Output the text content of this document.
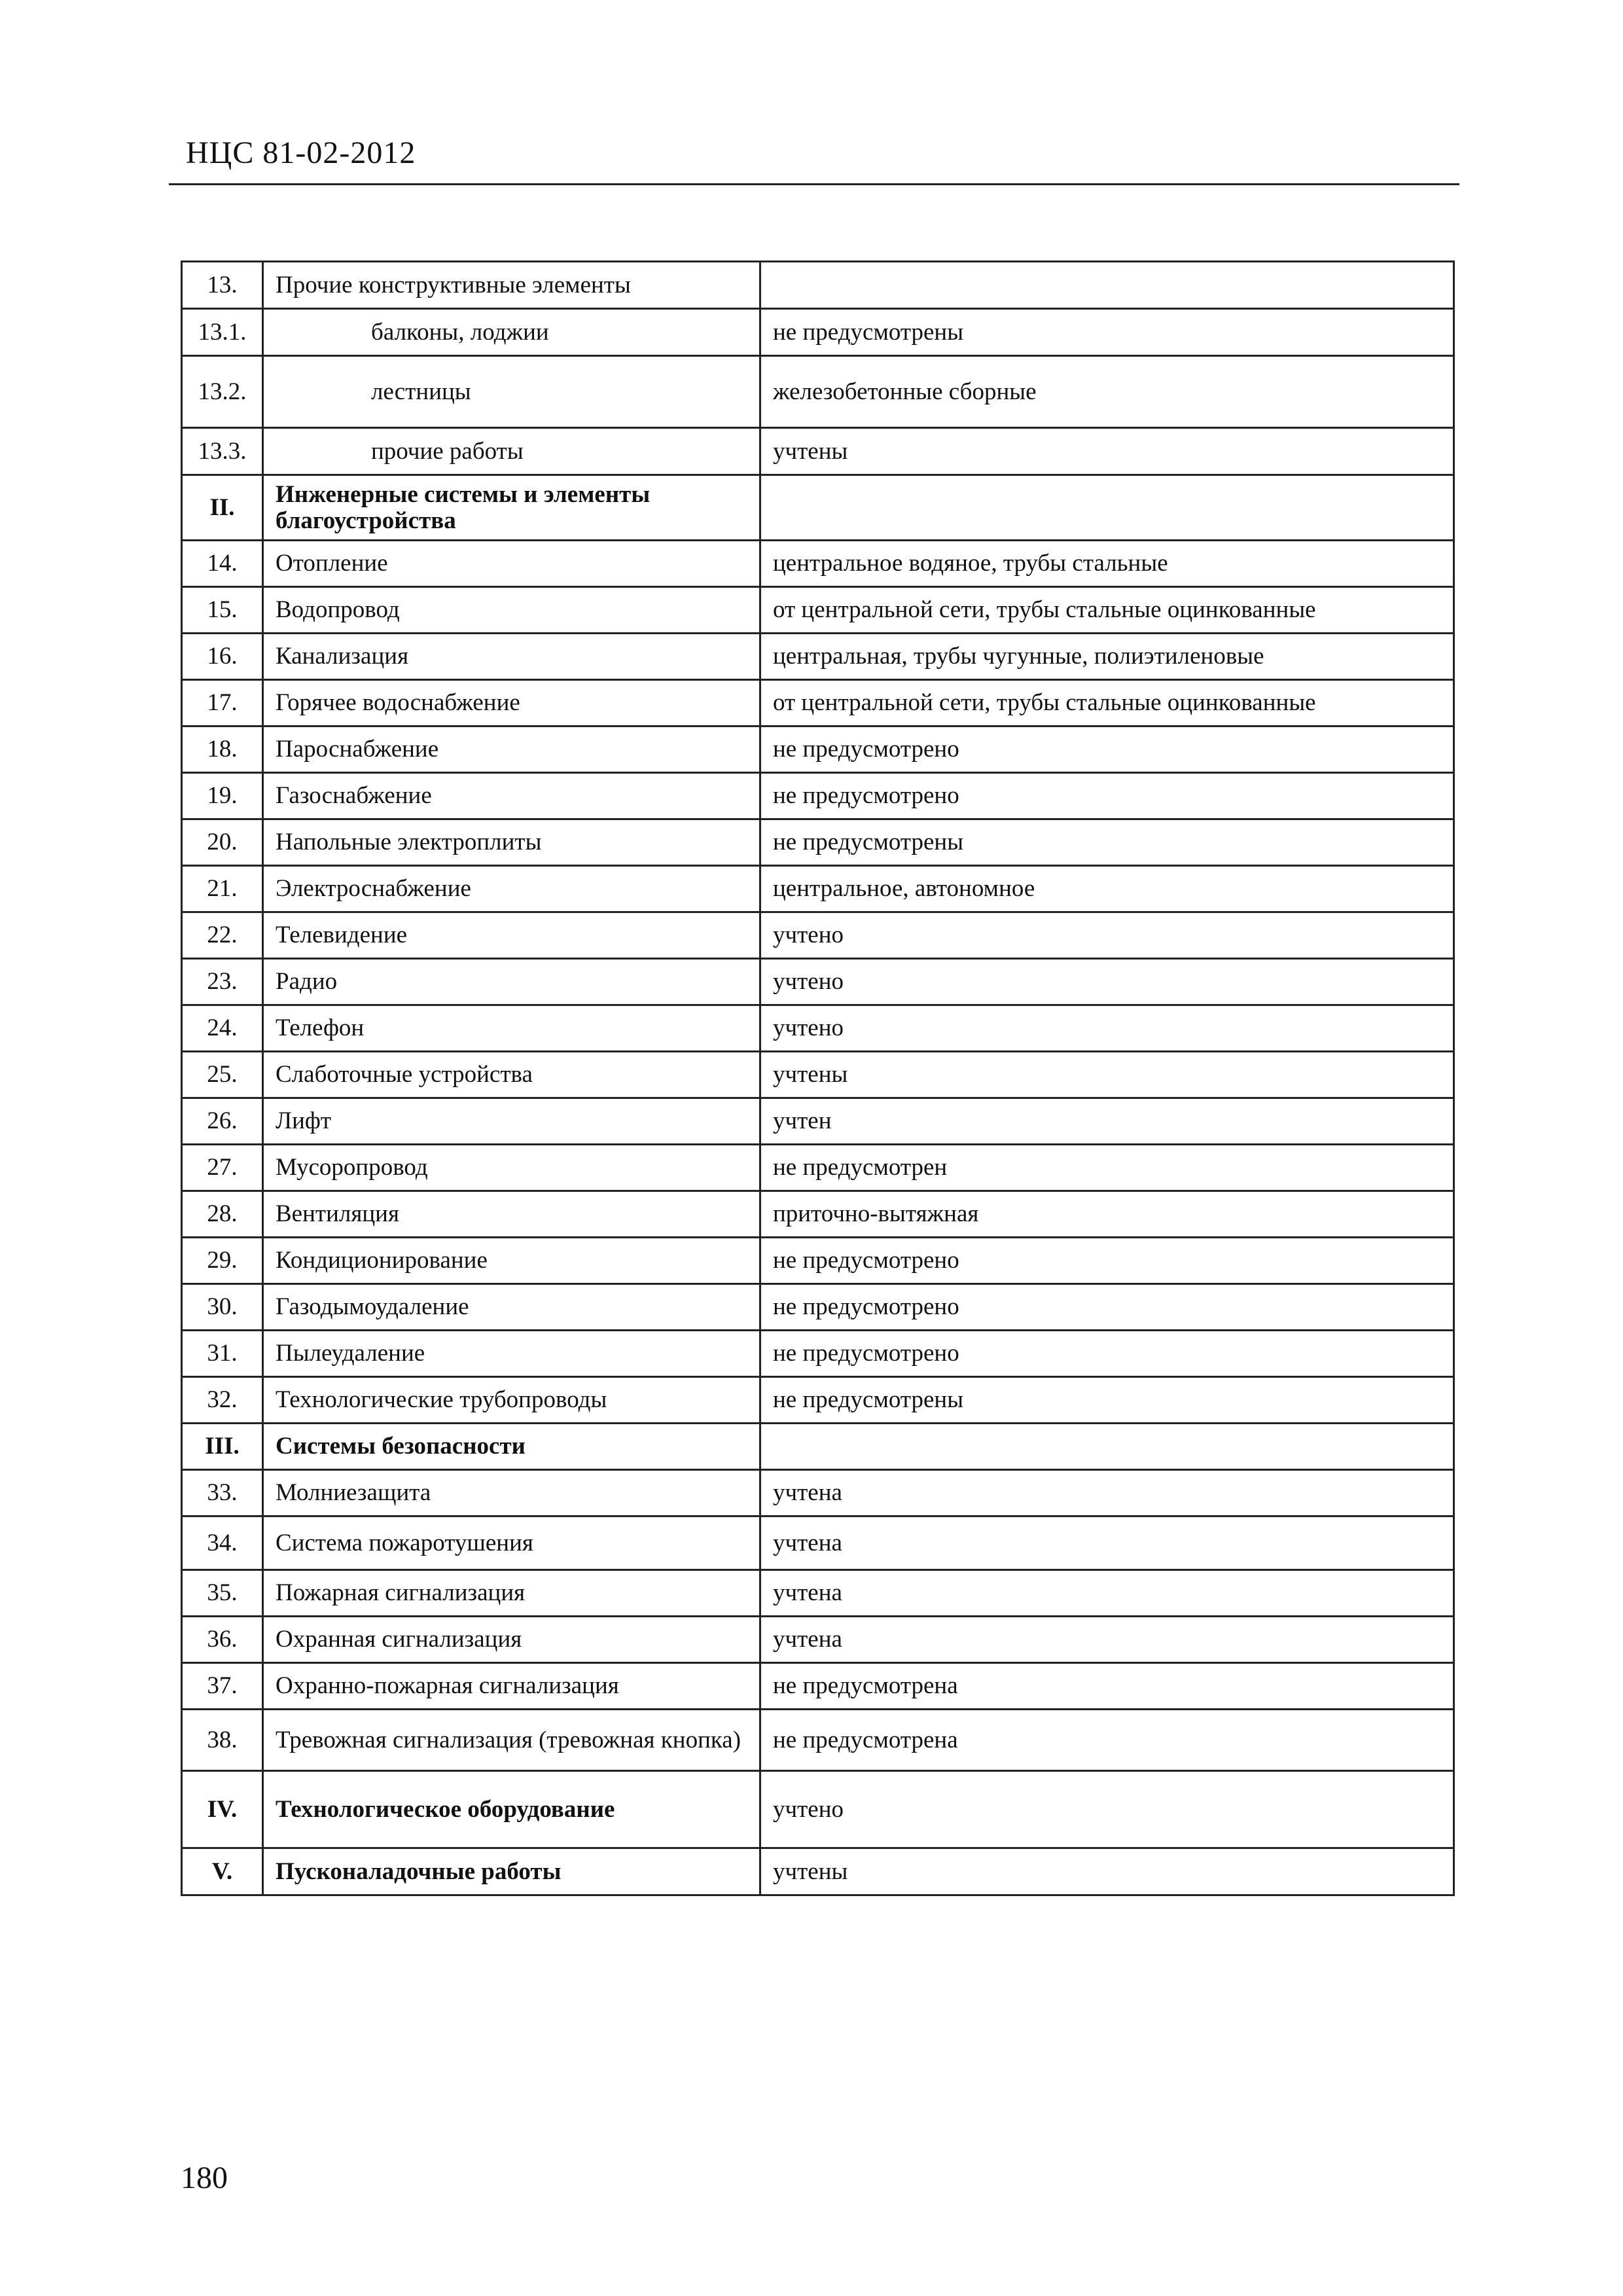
НЦС 81-02-2012
13.	Прочие конструктивные элементы	
13.1.	балконы, лоджии	не предусмотрены
13.2.	лестницы	железобетонные сборные
13.3.	прочие работы	учтены
II.	Инженерные системы и элементы благоустройства	
14.	Отопление	центральное водяное, трубы стальные
15.	Водопровод	от центральной сети, трубы стальные оцинкованные
16.	Канализация	центральная, трубы чугунные, полиэтиленовые
17.	Горячее водоснабжение	от центральной сети, трубы стальные оцинкованные
18.	Пароснабжение	не предусмотрено
19.	Газоснабжение	не предусмотрено
20.	Напольные электроплиты	не предусмотрены
21.	Электроснабжение	центральное, автономное
22.	Телевидение	учтено
23.	Радио	учтено
24.	Телефон	учтено
25.	Слаботочные устройства	учтены
26.	Лифт	учтен
27.	Мусоропровод	не предусмотрен
28.	Вентиляция	приточно-вытяжная
29.	Кондиционирование	не предусмотрено
30.	Газодымоудаление	не предусмотрено
31.	Пылеудаление	не предусмотрено
32.	Технологические трубопроводы	не предусмотрены
III.	Системы безопасности	
33.	Молниезащита	учтена
34.	Система пожаротушения	учтена
35.	Пожарная сигнализация	учтена
36.	Охранная сигнализация	учтена
37.	Охранно-пожарная сигнализация	не предусмотрена
38.	Тревожная сигнализация (тревожная кнопка)	не предусмотрена
IV.	Технологическое оборудование	учтено
V.	Пусконаладочные работы	учтены
180
